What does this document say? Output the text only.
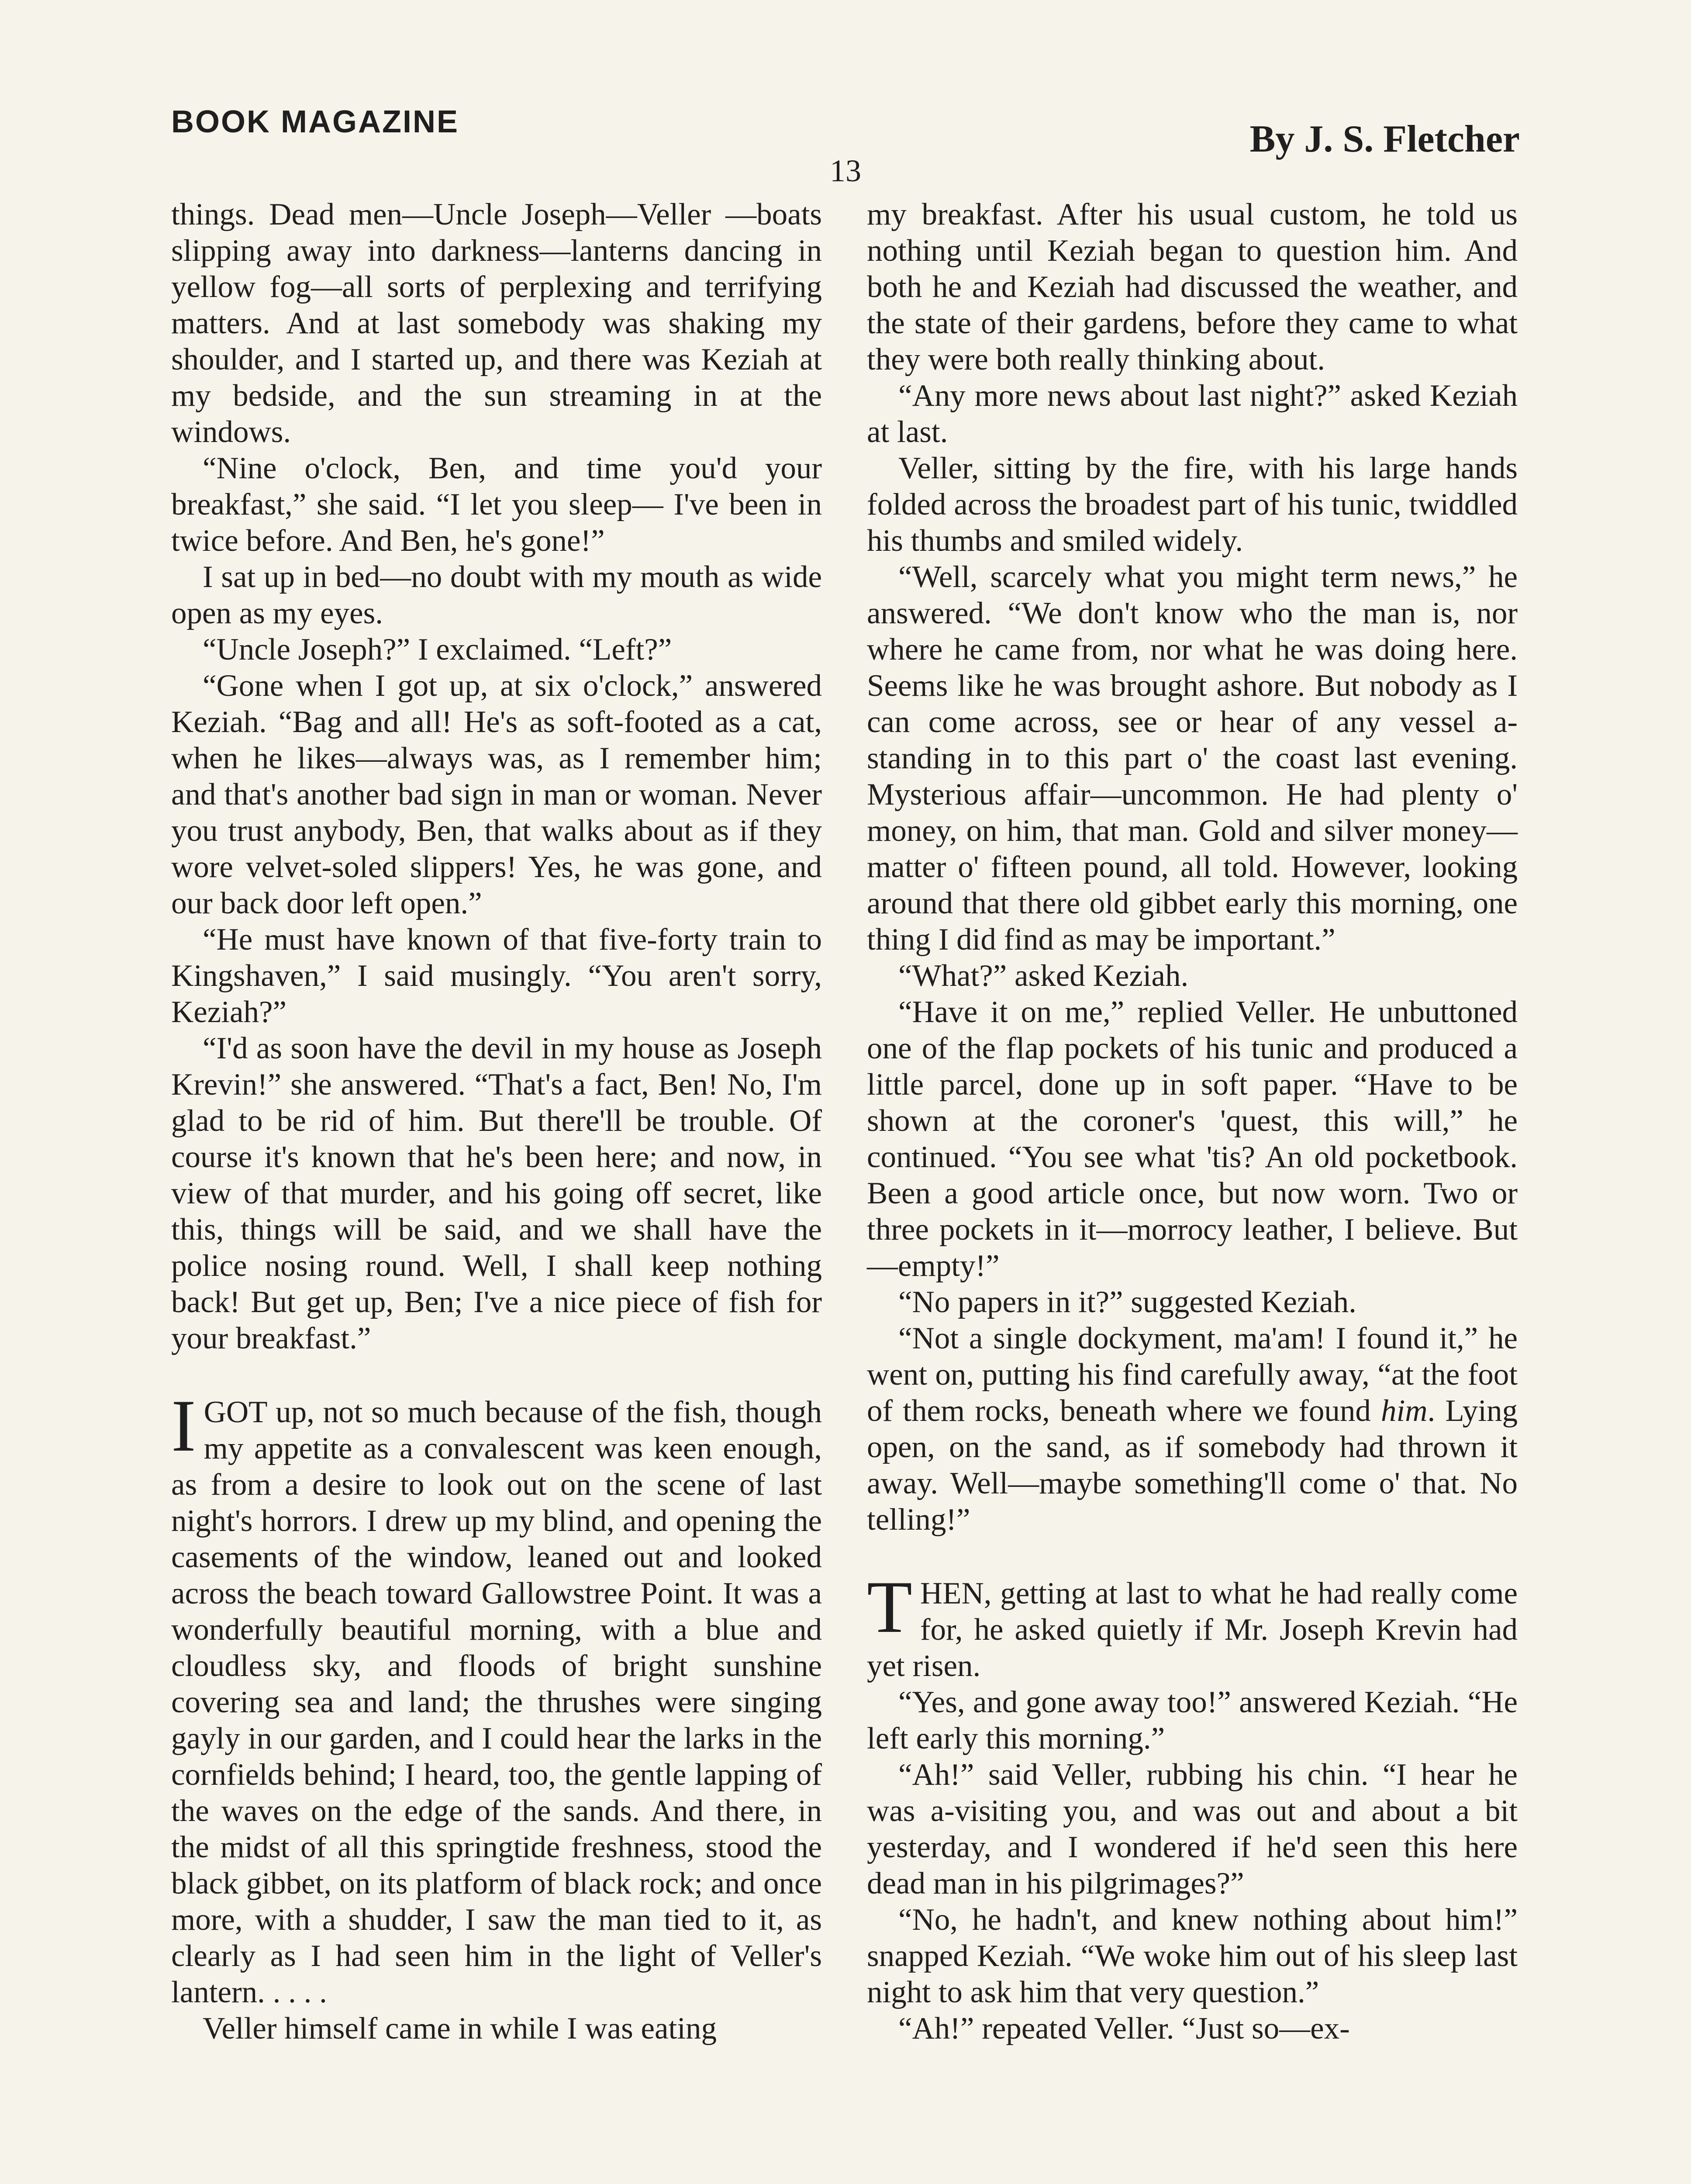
BOOK MAGAZINE	By J. S. Fletcher
13

things. Dead men—Uncle Joseph—Veller —boats slipping away into darkness—lanterns dancing in yellow fog—all sorts of perplexing and terrifying matters. And at last somebody was shaking my shoulder, and I started up, and there was Keziah at my bedside, and the sun streaming in at the windows.

“Nine o'clock, Ben, and time you'd your breakfast,” she said. “I let you sleep— I've been in twice before. And Ben, he's gone!”

I sat up in bed—no doubt with my mouth as wide open as my eyes.

“Uncle Joseph?” I exclaimed. “Left?”

“Gone when I got up, at six o'clock,” answered Keziah. “Bag and all! He's as soft-footed as a cat, when he likes—always was, as I remember him; and that's another bad sign in man or woman. Never you trust anybody, Ben, that walks about as if they wore velvet-soled slippers! Yes, he was gone, and our back door left open.”

“He must have known of that five-forty train to Kingshaven,” I said musingly. “You aren't sorry, Keziah?”

“I'd as soon have the devil in my house as Joseph Krevin!” she answered. “That's a fact, Ben! No, I'm glad to be rid of him. But there'll be trouble. Of course it's known that he's been here; and now, in view of that murder, and his going off secret, like this, things will be said, and we shall have the police nosing round. Well, I shall keep nothing back! But get up, Ben; I've a nice piece of fish for your breakfast.”

IGOT up, not so much because of the fish, though my appetite as a convalescent was keen enough, as from a desire to look out on the scene of last night's horrors. I drew up my blind, and opening the casements of the window, leaned out and looked across the beach toward Gallowstree Point. It was a wonderfully beautiful morning, with a blue and cloudless sky, and floods of bright sunshine covering sea and land; the thrushes were singing gayly in our garden, and I could hear the larks in the cornfields behind; I heard, too, the gentle lapping of the waves on the edge of the sands. And there, in the midst of all this springtide freshness, stood the black gibbet, on its platform of black rock; and once more, with a shudder, I saw the man tied to it, as clearly as I had seen him in the light of Veller's lantern. . . . .

Veller himself came in while I was eating

my breakfast. After his usual custom, he told us nothing until Keziah began to question him. And both he and Keziah had discussed the weather, and the state of their gardens, before they came to what they were both really thinking about.

“Any more news about last night?” asked Keziah at last.

Veller, sitting by the fire, with his large hands folded across the broadest part of his tunic, twiddled his thumbs and smiled widely.

“Well, scarcely what you might term news,” he answered. “We don't know who the man is, nor where he came from, nor what he was doing here. Seems like he was brought ashore. But nobody as I can come across, see or hear of any vessel a-standing in to this part o' the coast last evening. Mysterious affair—uncommon. He had plenty o' money, on him, that man. Gold and silver money—matter o' fifteen pound, all told. However, looking around that there old gibbet early this morning, one thing I did find as may be important.”

“What?” asked Keziah.

“Have it on me,” replied Veller. He unbuttoned one of the flap pockets of his tunic and produced a little parcel, done up in soft paper. “Have to be shown at the coroner's 'quest, this will,” he continued. “You see what 'tis? An old pocketbook. Been a good article once, but now worn. Two or three pockets in it—morrocy leather, I believe. But—empty!”

“No papers in it?” suggested Keziah.

“Not a single dockyment, ma'am! I found it,” he went on, putting his find carefully away, “at the foot of them rocks, beneath where we found him. Lying open, on the sand, as if somebody had thrown it away. Well—maybe something'll come o' that. No telling!”

THEN, getting at last to what he had really come for, he asked quietly if Mr. Joseph Krevin had yet risen.

“Yes, and gone away too!” answered Keziah. “He left early this morning.”

“Ah!” said Veller, rubbing his chin. “I hear he was a-visiting you, and was out and about a bit yesterday, and I wondered if he'd seen this here dead man in his pilgrimages?”

“No, he hadn't, and knew nothing about him!” snapped Keziah. “We woke him out of his sleep last night to ask him that very question.”

“Ah!” repeated Veller. “Just so—ex-
